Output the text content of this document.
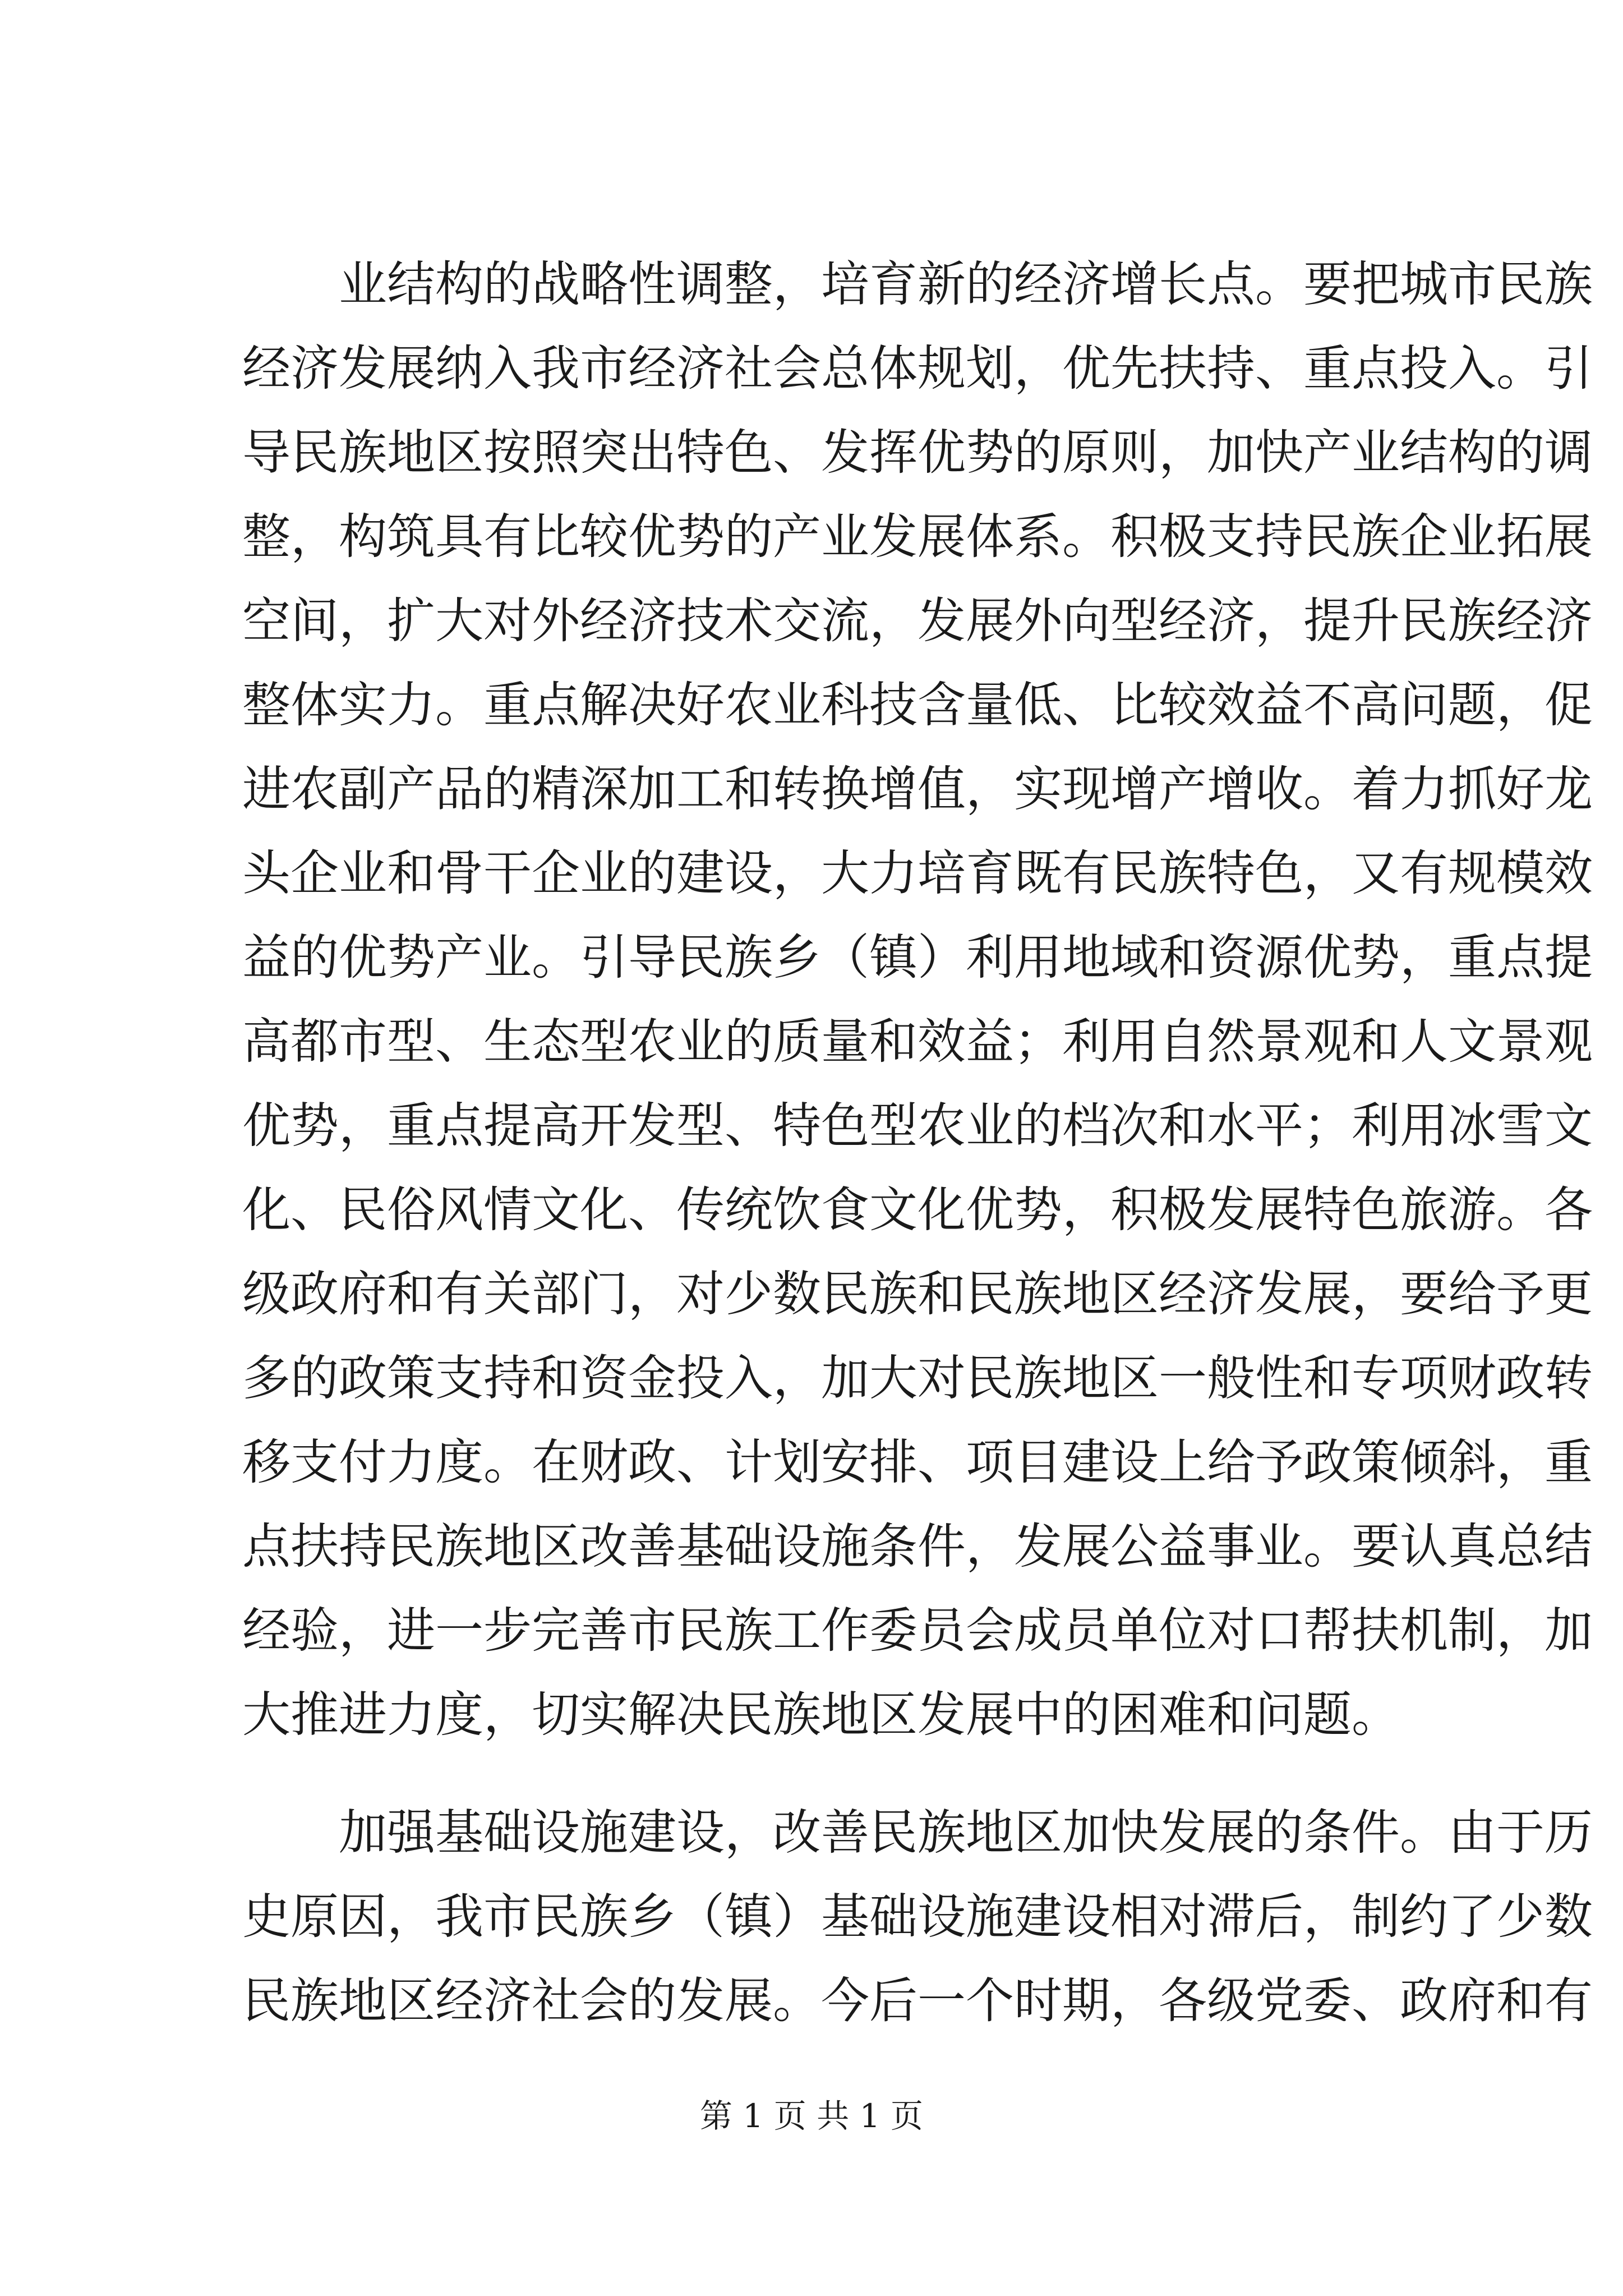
业结构的战略性调整，培育新的经济增长点。要把城市民族

经济发展纳入我市经济社会总体规划，优先扶持、重点投入。引

导民族地区按照突出特色、发挥优势的原则，加快产业结构的调

整，构筑具有比较优势的产业发展体系。积极支持民族企业拓展

空间，扩大对外经济技术交流，发展外向型经济，提升民族经济

整体实力。重点解决好农业科技含量低、比较效益不高问题，促

进农副产品的精深加工和转换增值，实现增产增收。着力抓好龙

头企业和骨干企业的建设，大力培育既有民族特色，又有规模效

益的优势产业。引导民族乡（镇）利用地域和资源优势，重点提

高都市型、生态型农业的质量和效益；利用自然景观和人文景观

优势，重点提高开发型、特色型农业的档次和水平；利用冰雪文

化、民俗风情文化、传统饮食文化优势，积极发展特色旅游。各

级政府和有关部门，对少数民族和民族地区经济发展，要给予更

多的政策支持和资金投入，加大对民族地区一般性和专项财政转

移支付力度。在财政、计划安排、项目建设上给予政策倾斜，重

点扶持民族地区改善基础设施条件，发展公益事业。要认真总结

经验，进一步完善市民族工作委员会成员单位对口帮扶机制，加

大推进力度，切实解决民族地区发展中的困难和问题。

加强基础设施建设，改善民族地区加快发展的条件。由于历

史原因，我市民族乡（镇）基础设施建设相对滞后，制约了少数

民族地区经济社会的发展。今后一个时期，各级党委、政府和有

第 1 页 共 1 页
